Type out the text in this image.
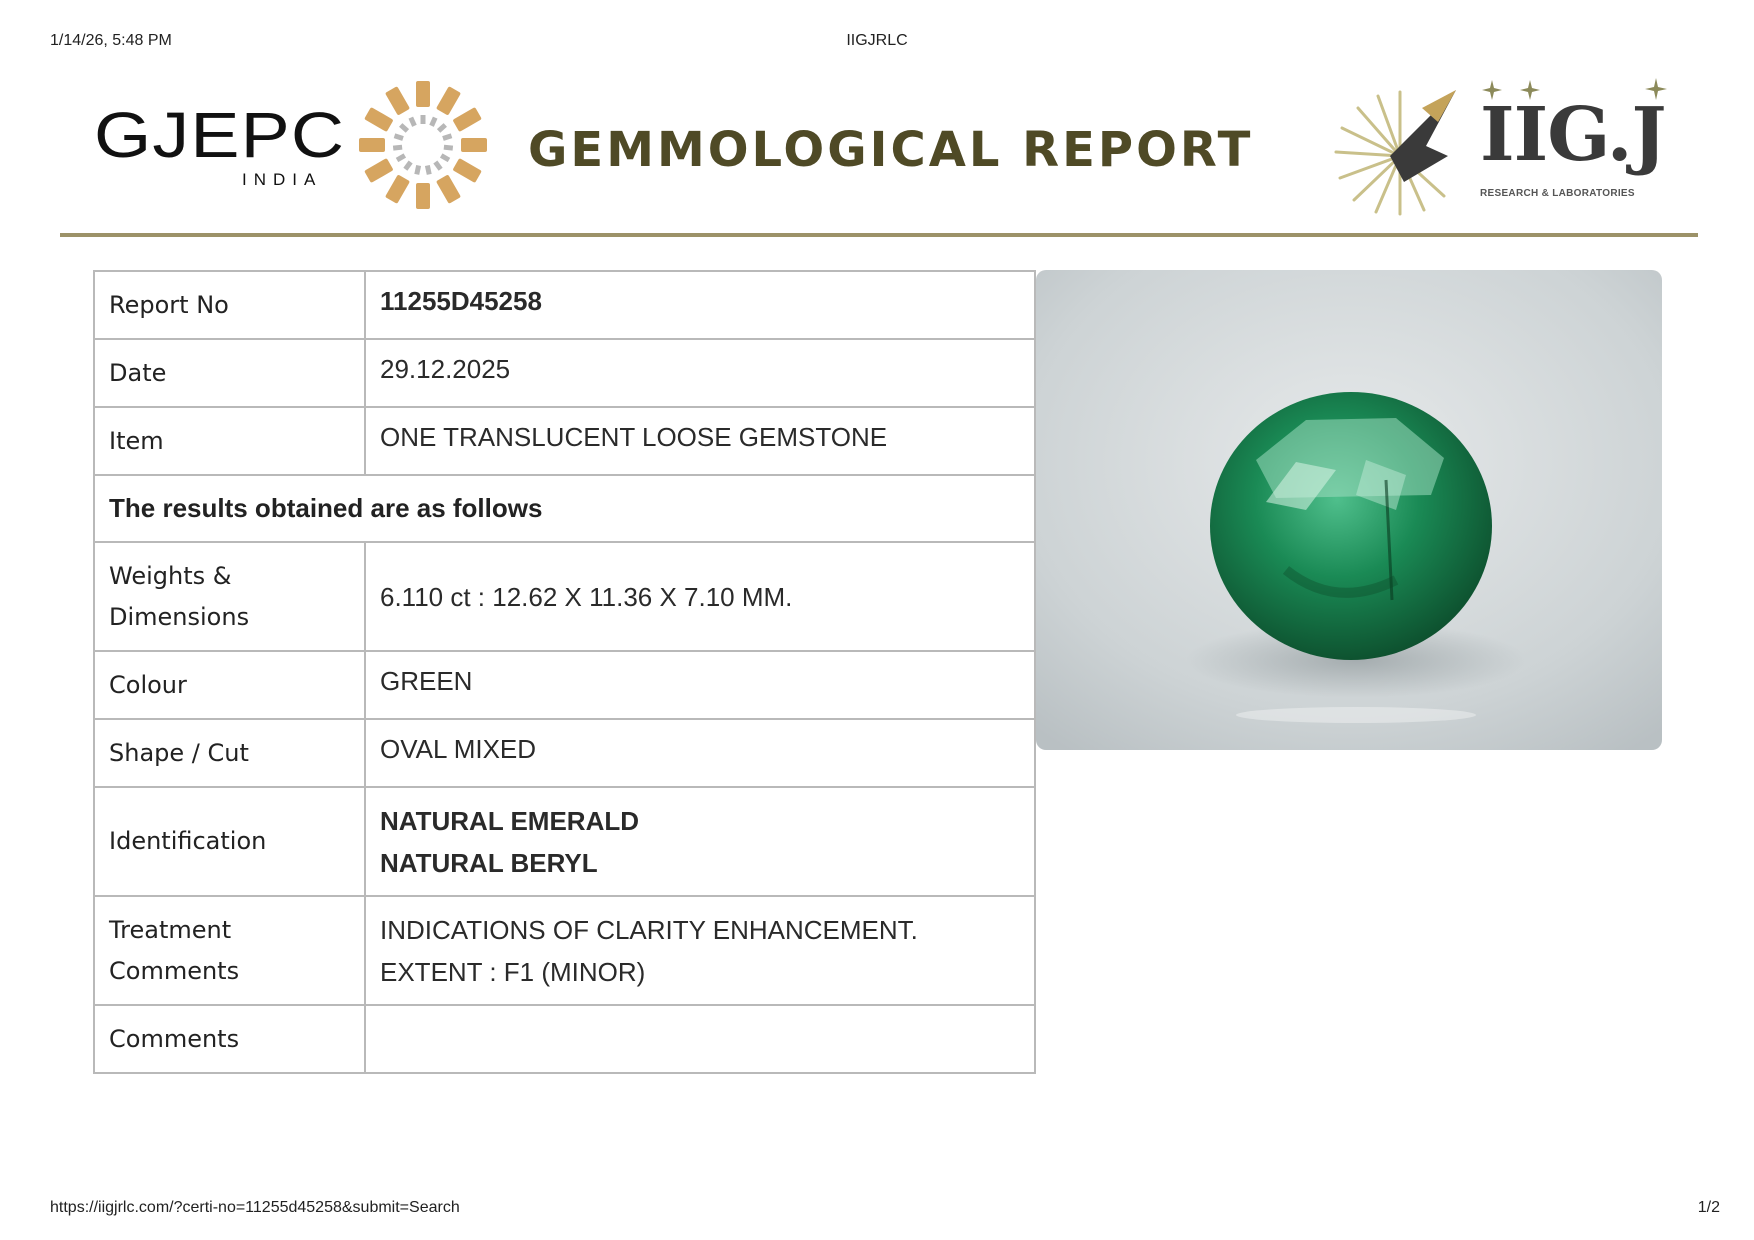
1/14/26, 5:48 PM	IIGJRLC
GJEPC
INDIA
GEMMOLOGICAL REPORT	IIG.J
RESEARCH & LABORATORIES
Report No	11255D45258
Date	29.12.2025
Item	ONE TRANSLUCENT LOOSE GEMSTONE
The results obtained are as follows	

Weights &
Dimensions	6.110 ct : 12.62 X 11.36 X 7.10 MM.
Colour	GREEN
Shape / Cut	OVAL MIXED
Identification	NATURAL EMERALD
NATURAL BERYL

Treatment
Comments	INDICATIONS OF CLARITY ENHANCEMENT.
EXTENT : F1 (MINOR)

Comments	
https://iigjrlc.com/?certi-no=11255d45258&submit=Search	1/2
